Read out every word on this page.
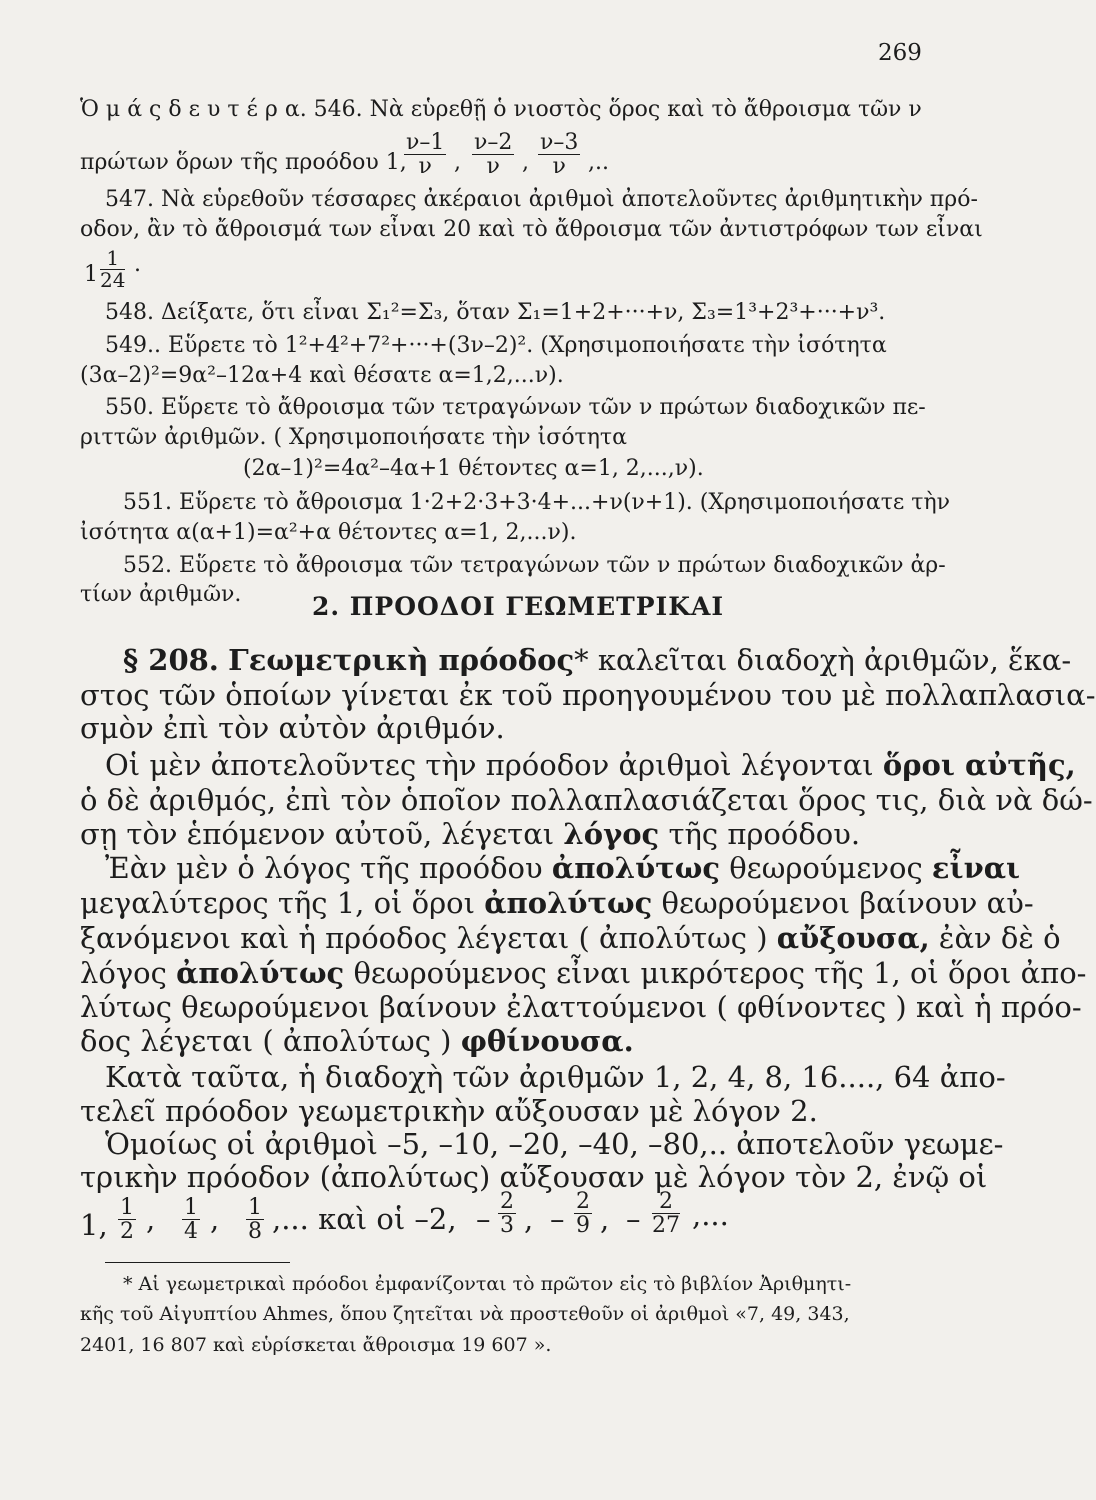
269
Ὁ μ ά ς δ ε υ τ έ ρ α. 546. Νὰ εὑρεθῇ ὁ νιοστὸς ὅρος καὶ τὸ ἄθροισμα τῶν ν
πρώτων ὅρων τῆς προόδου 1,
$\frac{\nu-1}{\nu}$ , $\frac{\nu-2}{\nu}$ , $\frac{\nu-3}{\nu}$ ,..
547. Νὰ εὑρεθοῦν τέσσαρες ἀκέραιοι ἀριθμοὶ ἀποτελοῦντες ἀριθμητικὴν πρό-
οδον, ἂν τὸ ἄθροισμά των εἶναι 20 καὶ τὸ ἄθροισμα τῶν ἀντιστρόφων των εἶναι
$1 \frac{1}{24}$ .
548. Δείξατε, ὅτι εἶναι Σ₁²=Σ₃, ὅταν Σ₁=1+2+···+ν, Σ₃=1³+2³+···+ν³.
549.. Εὕρετε τὸ 1²+4²+7²+···+(3ν–2)². (Χρησιμοποιήσατε τὴν ἰσότητα
(3α–2)²=9α²–12α+4 καὶ θέσατε α=1,2,...ν).
550. Εὕρετε τὸ ἄθροισμα τῶν τετραγώνων τῶν ν πρώτων διαδοχικῶν πε-
ριττῶν ἀριθμῶν. ( Χρησιμοποιήσατε τὴν ἰσότητα
(2α–1)²=4α²–4α+1 θέτοντες α=1, 2,...,ν).
551. Εὕρετε τὸ ἄθροισμα 1·2+2·3+3·4+...+ν(ν+1). (Χρησιμοποιήσατε τὴν
ἰσότητα α(α+1)=α²+α θέτοντες α=1, 2,...ν).
552. Εὕρετε τὸ ἄθροισμα τῶν τετραγώνων τῶν ν πρώτων διαδοχικῶν ἀρ-
τίων ἀριθμῶν.	2. ΠΡΟΟΔΟΙ ΓΕΩΜΕΤΡΙΚΑΙ
§ 208. Γεωμετρικὴ πρόοδος* καλεῖται διαδοχὴ ἀριθμῶν, ἕκα-
στος τῶν ὁποίων γίνεται ἐκ τοῦ προηγουμένου του μὲ πολλαπλασια-
σμὸν ἐπὶ τὸν αὐτὸν ἀριθμόν.
Οἱ μὲν ἀποτελοῦντες τὴν πρόοδον ἀριθμοὶ λέγονται ὅροι αὐτῆς,
ὁ δὲ ἀριθμός, ἐπὶ τὸν ὁποῖον πολλαπλασιάζεται ὅρος τις, διὰ νὰ δώ-
σῃ τὸν ἑπόμενον αὐτοῦ, λέγεται λόγος τῆς προόδου.
Ἐὰν μὲν ὁ λόγος τῆς προόδου ἀπολύτως θεωρούμενος εἶναι
μεγαλύτερος τῆς 1, οἱ ὅροι ἀπολύτως θεωρούμενοι βαίνουν αὐ-
ξανόμενοι καὶ ἡ πρόοδος λέγεται ( ἀπολύτως ) αὔξουσα, ἐὰν δὲ ὁ
λόγος ἀπολύτως θεωρούμενος εἶναι μικρότερος τῆς 1, οἱ ὅροι ἀπο-
λύτως θεωρούμενοι βαίνουν ἐλαττούμενοι ( φθίνοντες ) καὶ ἡ πρόο-
δος λέγεται ( ἀπολύτως ) φθίνουσα.
Κατὰ ταῦτα, ἡ διαδοχὴ τῶν ἀριθμῶν 1, 2, 4, 8, 16...., 64 ἀπο-
τελεῖ πρόοδον γεωμετρικὴν αὔξουσαν μὲ λόγον 2.
Ὁμοίως οἱ ἀριθμοὶ –5, –10, –20, –40, –80,.. ἀποτελοῦν γεωμε-
τρικὴν πρόοδον (ἀπολύτως) αὔξουσαν μὲ λόγον τὸν 2, ἐνῷ οἱ
1, $\frac{1}{2}$ , $\frac{1}{4}$ , $\frac{1}{8}$ ,... καὶ οἱ –2, – $\frac{2}{3}$ , – $\frac{2}{9}$ , – $\frac{2}{27}$ ,...
* Αἱ γεωμετρικαὶ πρόοδοι ἐμφανίζονται τὸ πρῶτον εἰς τὸ βιβλίον Ἀριθμητι-
κῆς τοῦ Αἰγυπτίου Ahmes, ὅπου ζητεῖται νὰ προστεθοῦν οἱ ἀριθμοὶ «7, 49, 343,
2401, 16 807 καὶ εὑρίσκεται ἄθροισμα 19 607 ».
